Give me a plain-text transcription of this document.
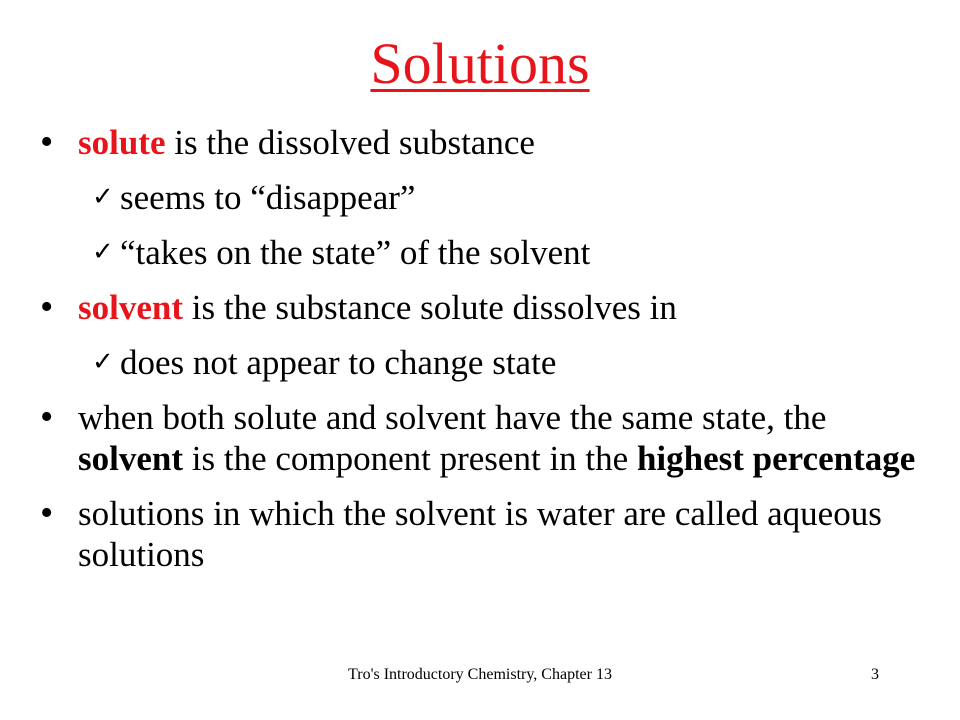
Solutions
• solute is the dissolved substance
✓ seems to “disappear”
✓ “takes on the state” of the solvent
• solvent is the substance solute dissolves in
✓ does not appear to change state
• when both solute and solvent have the same state, the solvent is the component present in the highest percentage
• solutions in which the solvent is water are called aqueous solutions
Tro's Introductory Chemistry, Chapter 13	3
